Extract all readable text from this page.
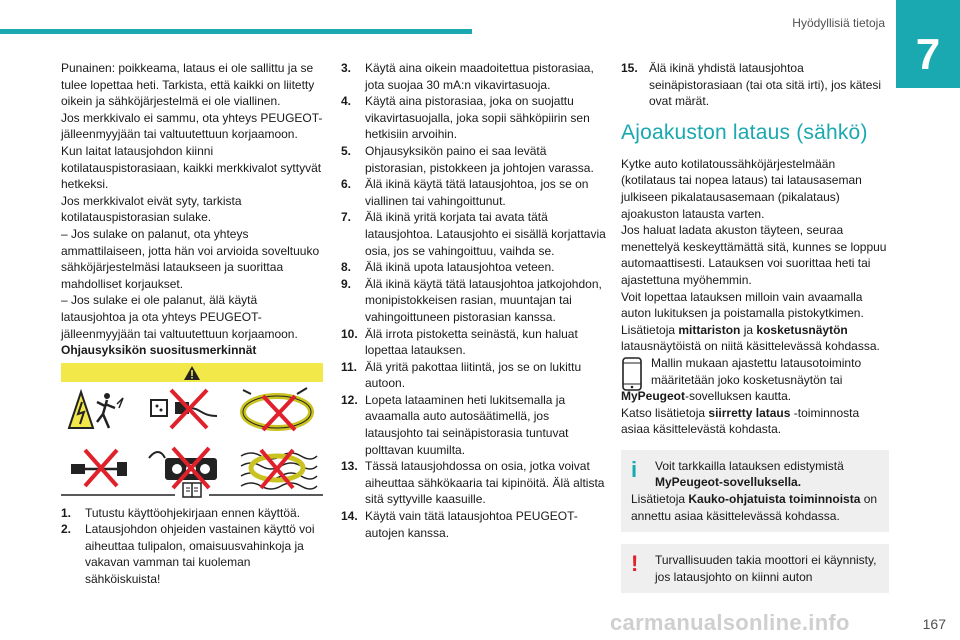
Hyödyllisiä tietoja
7

Punainen: poikkeama, lataus ei ole sallittu ja se tulee lopettaa heti. Tarkista, että kaikki on liitetty oikein ja sähköjärjestelmä ei ole viallinen.

Jos merkkivalo ei sammu, ota yhteys PEUGEOT-jälleenmyyjään tai valtuutettuun korjaamoon.

Kun laitat latausjohdon kiinni kotilatauspistorasiaan, kaikki merkkivalot syttyvät hetkeksi.

Jos merkkivalot eivät syty, tarkista kotilatauspistorasian sulake.

– Jos sulake on palanut, ota yhteys ammattilaiseen, jotta hän voi arvioida soveltuuko sähköjärjestelmäsi lataukseen ja suorittaa mahdolliset korjaukset.

– Jos sulake ei ole palanut, älä käytä latausjohtoa ja ota yhteys PEUGEOT-jälleenmyyjään tai valtuutettuun korjaamoon.

Ohjausyksikön suositusmerkinnät

1. Tutustu käyttöohjekirjaan ennen käyttöä.
2. Latausjohdon ohjeiden vastainen käyttö voi aiheuttaa tulipalon, omaisuusvahinkoja ja vakavan vamman tai kuoleman sähköiskuista!
3. Käytä aina oikein maadoitettua pistorasiaa, jota suojaa 30 mA:n vikavirtasuoja.
4. Käytä aina pistorasiaa, joka on suojattu vikavirtasuojalla, joka sopii sähköpiirin sen hetkisiin arvoihin.
5. Ohjausyksikön paino ei saa levätä pistorasian, pistokkeen ja johtojen varassa.
6. Älä ikinä käytä tätä latausjohtoa, jos se on viallinen tai vahingoittunut.
7. Älä ikinä yritä korjata tai avata tätä latausjohtoa. Latausjohto ei sisällä korjattavia osia, jos se vahingoittuu, vaihda se.
8. Älä ikinä upota latausjohtoa veteen.
9. Älä ikinä käytä tätä latausjohtoa jatkojohdon, monipistokkeisen rasian, muuntajan tai vahingoittuneen pistorasian kanssa.
10. Älä irrota pistoketta seinästä, kun haluat lopettaa latauksen.
11. Älä yritä pakottaa liitintä, jos se on lukittu autoon.
12. Lopeta lataaminen heti lukitsemalla ja avaamalla auto autosäätimellä, jos latausjohto tai seinäpistorasia tuntuvat polttavan kuumilta.
13. Tässä latausjohdossa on osia, jotka voivat aiheuttaa sähkökaaria tai kipinöitä. Älä altista sitä syttyville kaasuille.
14. Käytä vain tätä latausjohtoa PEUGEOT-autojen kanssa.
15. Älä ikinä yhdistä latausjohtoa seinäpistorasiaan (tai ota sitä irti), jos kätesi ovat märät.
Ajoakuston lataus (sähkö)

Kytke auto kotilatoussähköjärjestelmään (kotilataus tai nopea lataus) tai latausaseman julkiseen pikalatausasemaan (pikalataus) ajoakuston latausta varten.

Jos haluat ladata akuston täyteen, seuraa menettelyä keskeyttämättä sitä, kunnes se loppuu automaattisesti. Latauksen voi suorittaa heti tai ajastettuna myöhemmin.

Voit lopettaa latauksen milloin vain avaamalla auton lukituksen ja poistamalla pistokytkimen.

Lisätietoja mittariston ja kosketusnäytön latausnäytöistä on niitä käsittelevässä kohdassa.

Mallin mukaan ajastettu latausotoiminto määritetään joko kosketusnäytön tai

MyPeugeot-sovelluksen kautta.

Katso lisätietoja siirretty lataus -toiminnosta asiaa käsittelevästä kohdasta.

i	Voit tarkkailla latauksen edistymistä
MyPeugeot-sovelluksella.
Lisätietoja Kauko-ohjatuista toiminnoista on annettu asiaa käsittelevässä kohdassa.
!	Turvallisuuden takia moottori ei käynnisty, jos latausjohto on kiinni auton
carmanualsonline.info	167
